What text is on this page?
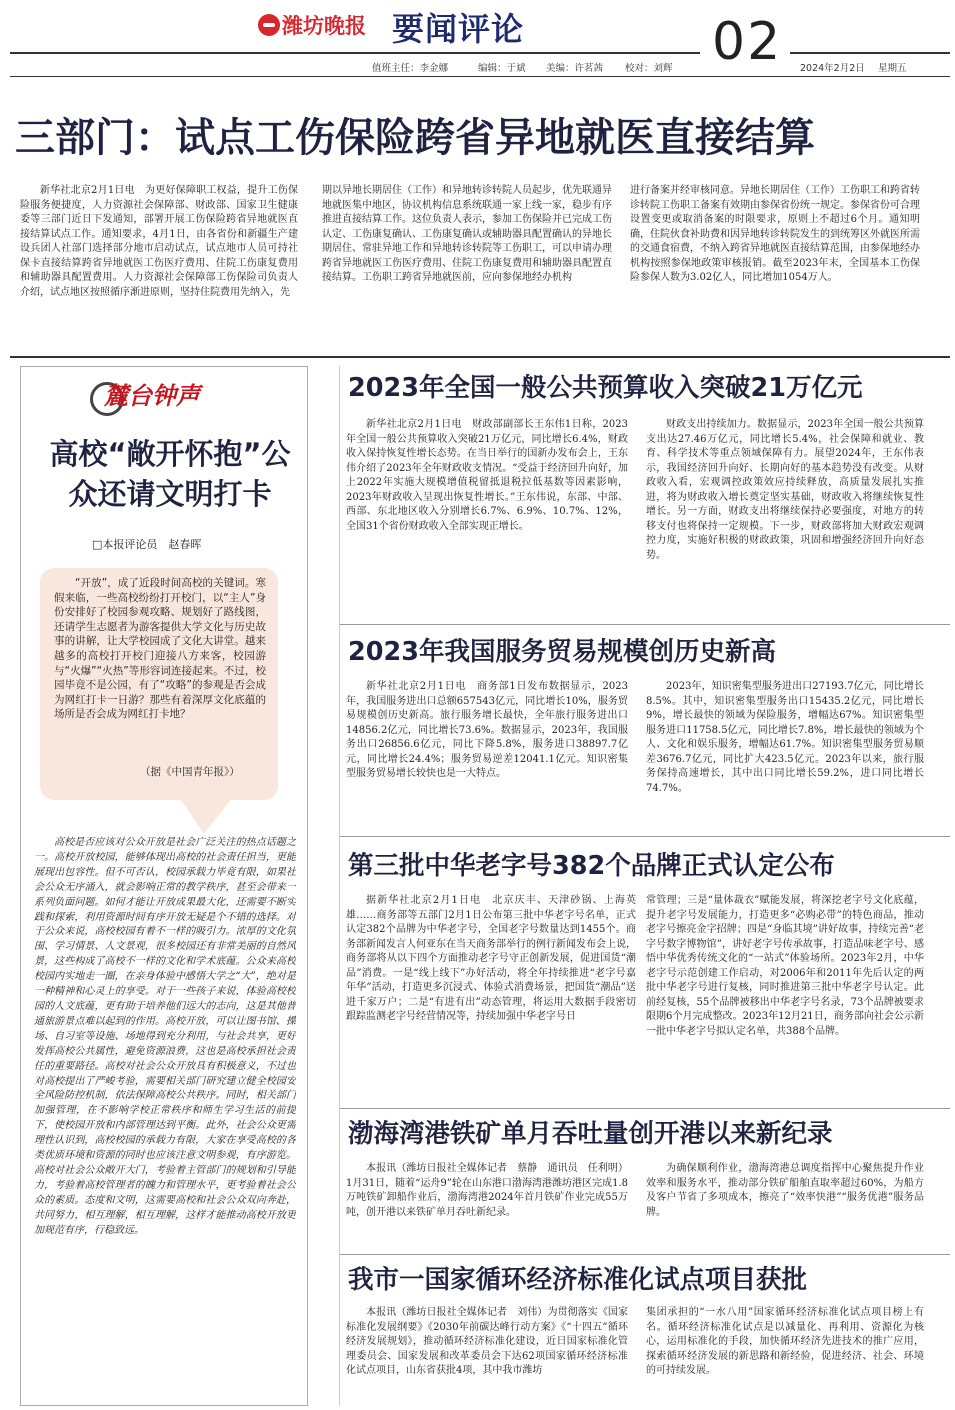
潍坊晚报 要闻评论	02
值班主任：李金娜	编辑：于斌 美编：许茗茜 校对：刘辉	2024年2月2日 星期五
三部门：试点工伤保险跨省异地就医直接结算

新华社北京2月1日电　为更好保障职工权益，提升工伤保险服务便捷度，人力资源社会保障部、财政部、国家卫生健康委等三部门近日下发通知，部署开展工伤保险跨省异地就医直接结算试点工作。通知要求，4月1日，由各省份和新疆生产建设兵团人社部门选择部分地市启动试点，试点地市人员可持社保卡直接结算跨省异地就医工伤医疗费用、住院工伤康复费用和辅助器具配置费用。人力资源社会保障部工伤保险司负责人介绍，试点地区按照循序渐进原则，坚持住院费用先纳入，先

期以异地长期居住（工作）和异地转诊转院人员起步，优先联通异地就医集中地区，协议机构信息系统联通一家上线一家，稳步有序推进直接结算工作。这位负责人表示，参加工伤保险并已完成工伤认定、工伤康复确认、工伤康复确认或辅助器具配置确认的异地长期居住、常驻异地工作和异地转诊转院等工伤职工，可以申请办理跨省异地就医工伤医疗费用、住院工伤康复费用和辅助器具配置直接结算。工伤职工跨省异地就医前，应向参保地经办机构

进行备案并经审核同意。异地长期居住（工作）工伤职工和跨省转诊转院工伤职工备案有效期由参保省份统一规定。参保省份可合理设置变更或取消备案的时限要求，原则上不超过6个月。通知明确，住院伙食补助费和因异地转诊转院发生的到统筹区外就医所需的交通食宿费，不纳入跨省异地就医直接结算范围，由参保地经办机构按照参保地政策审核报销。截至2023年末，全国基本工伤保险参保人数为3.02亿人，同比增加1054万人。

麓台钟声
高校“敞开怀抱”公众还请文明打卡
□本报评论员　赵春晖
“开放”，成了近段时间高校的关键词。寒假来临，一些高校纷纷打开校门，以“主人”身份安排好了校园参观攻略、规划好了路线图，还请学生志愿者为游客提供大学文化与历史故事的讲解，让大学校园成了文化大讲堂。越来越多的高校打开校门迎接八方来客，校园游与“火爆”“火热”等形容词连接起来。不过，校园毕竟不是公园，有了“攻略”的参观是否会成为网红打卡一日游？那些有着深厚文化底蕴的场所是否会成为网红打卡地？
（据《中国青年报》）

高校是否应该对公众开放是社会广泛关注的热点话题之一。高校开放校园，能够体现出高校的社会责任担当，更能展现出包容性。但不可否认，校园承载力毕竟有限，如果社会公众无序涌入，就会影响正常的教学秩序，甚至会带来一系列负面问题。如何才能让开放成果最大化，还需要不断实践和探索，利用资源时间有序开放无疑是个不错的选择。对于公众来说，高校校园有着不一样的吸引力。浓厚的文化氛围、学习情景、人文景观，很多校园还有非常美丽的自然风景，这些构成了高校不一样的文化和学术底蕴。公众来高校校园内实地走一圈，在亲身体验中感悟大学之“大”，绝对是一种精神和心灵上的享受。对于一些孩子来说，体验高校校园的人文底蕴，更有助于培养他们远大的志向，这是其他普通旅游景点难以起到的作用。高校开放，可以让图书馆、操场、自习室等设施、场地得到充分利用，与社会共享，更好发挥高校公共属性，避免资源浪费，这也是高校承担社会责任的重要路径。高校对社会公众开放具有积极意义，不过也对高校提出了严峻考验，需要相关部门研究建立健全校园安全风险防控机制，依法保障高校公共秩序。同时，相关部门加强管理，在不影响学校正常秩序和师生学习生活的前提下，使校园开放和内部管理达到平衡。此外，社会公众更需理性认识到，高校校园的承载力有限，大家在享受高校的各类优质环境和资源的同时也应该注意文明参观，有序游览。高校对社会公众敞开大门，考验着主管部门的规划和引导能力，考验着高校管理者的魄力和管理水平，更考验着社会公众的素质。态度和文明，这需要高校和社会公众双向奔赴，共同努力，相互理解，相互理解，这样才能推动高校开放更加规范有序，行稳致远。

2023年全国一般公共预算收入突破21万亿元

新华社北京2月1日电　财政部副部长王东伟1日称，2023年全国一般公共预算收入突破21万亿元，同比增长6.4%，财政收入保持恢复性增长态势。在当日举行的国新办发布会上，王东伟介绍了2023年全年财政收支情况。“受益于经济回升向好，加上2022年实施大规模增值税留抵退税拉低基数等因素影响，2023年财政收入呈现出恢复性增长。”王东伟说，东部、中部、西部、东北地区收入分别增长6.7%、6.9%、10.7%、12%，全国31个省份财政收入全部实现正增长。

财政支出持续加力。数据显示，2023年全国一般公共预算支出达27.46万亿元，同比增长5.4%，社会保障和就业、教育、科学技术等重点领域保障有力。展望2024年，王东伟表示，我国经济回升向好、长期向好的基本趋势没有改变。从财政收入看，宏观调控政策效应持续释放，高质量发展扎实推进，将为财政收入增长奠定坚实基础，财政收入将继续恢复性增长。另一方面，财政支出将继续保持必要强度，对地方的转移支付也将保持一定规模。下一步，财政部将加大财政宏观调控力度，实施好积极的财政政策，巩固和增强经济回升向好态势。

2023年我国服务贸易规模创历史新高

新华社北京2月1日电　商务部1日发布数据显示，2023年，我国服务进出口总额657543亿元，同比增长10%，服务贸易规模创历史新高。旅行服务增长最快，全年旅行服务进出口14856.2亿元，同比增长73.6%。数据显示，2023年，我国服务出口26856.6亿元，同比下降5.8%，服务进口38897.7亿元，同比增长24.4%；服务贸易逆差12041.1亿元。知识密集型服务贸易增长较快也是一大特点。

2023年，知识密集型服务进出口27193.7亿元，同比增长8.5%。其中，知识密集型服务出口15435.2亿元，同比增长9%，增长最快的领域为保险服务，增幅达67%。知识密集型服务进口11758.5亿元，同比增长7.8%，增长最快的领域为个人、文化和娱乐服务，增幅达61.7%。知识密集型服务贸易顺差3676.7亿元，同比扩大423.5亿元。2023年以来，旅行服务保持高速增长，其中出口同比增长59.2%，进口同比增长74.7%。

第三批中华老字号382个品牌正式认定公布

据新华社北京2月1日电　北京庆丰、天津砂锅、上海英雄……商务部等五部门2月1日公布第三批中华老字号名单，正式认定382个品牌为中华老字号，全国老字号数量达到1455个。商务部新闻发言人何亚东在当天商务部举行的例行新闻发布会上说，商务部将从以下四个方面推动老字号守正创新发展，促进国货“潮品”消费。一是“线上线下”办好活动，将全年持续推进“老字号嘉年华”活动，打造更多沉浸式、体验式消费场景，把国货“潮品”送进千家万户；二是“有进有出”动态管理，将运用大数据手段密切跟踪监测老字号经营情况等，持续加强中华老字号日

常管理；三是“量体裁衣”赋能发展，将深挖老字号文化底蕴，提升老字号发展能力，打造更多“必购必带”的特色商品，推动老字号擦亮金字招牌；四是“身临其境”讲好故事，持续完善“老字号数字博物馆”，讲好老字号传承故事，打造品味老字号、感悟中华优秀传统文化的“一站式”体验场所。2023年2月，中华老字号示范创建工作启动，对2006年和2011年先后认定的两批中华老字号进行复核，同时推进第三批中华老字号认定。此前经复核，55个品牌被移出中华老字号名录，73个品牌被要求限期6个月完成整改。2023年12月21日，商务部向社会公示新一批中华老字号拟认定名单，共388个品牌。

渤海湾港铁矿单月吞吐量创开港以来新纪录

本报讯（潍坊日报社全媒体记者　蔡静　通讯员　任利明）1月31日，随着“运舟9”轮在山东港口渤海湾港潍坊港区完成1.8万吨铁矿卸船作业后，渤海湾港2024年首月铁矿作业完成55万吨，创开港以来铁矿单月吞吐新纪录。

为确保顺利作业，渤海湾港总调度指挥中心聚焦提升作业效率和服务水平，推动部分铁矿船舶直取率超过60%，为船方及客户节省了多项成本，擦亮了“效率快港”“服务优港”服务品牌。

我市一国家循环经济标准化试点项目获批

本报讯（潍坊日报社全媒体记者　刘伟）为贯彻落实《国家标准化发展纲要》《2030年前碳达峰行动方案》《“十四五”循环经济发展规划》，推动循环经济标准化建设，近日国家标准化管理委员会、国家发展和改革委员会下达62项国家循环经济标准化试点项目，山东省获批4项，其中我市潍坊

集团承担的“一水八用”国家循环经济标准化试点项目榜上有名。循环经济标准化试点是以减量化、再利用、资源化为核心，运用标准化的手段，加快循环经济先进技术的推广应用，探索循环经济发展的新思路和新经验，促进经济、社会、环境的可持续发展。
